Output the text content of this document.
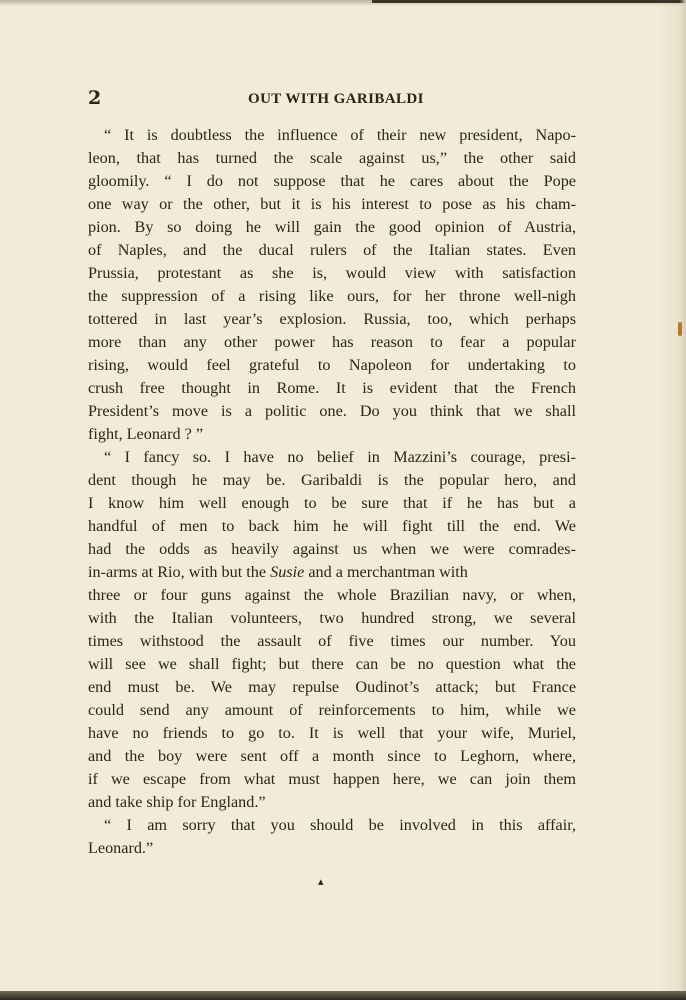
2	OUT WITH GARIBALDI
“ It is doubtless the influence of their new president, Napo-
leon, that has turned the scale against us,” the other said
gloomily. “ I do not suppose that he cares about the Pope
one way or the other, but it is his interest to pose as his cham-
pion. By so doing he will gain the good opinion of Austria,
of Naples, and the ducal rulers of the Italian states. Even
Prussia, protestant as she is, would view with satisfaction
the suppression of a rising like ours, for her throne well-nigh
tottered in last year’s explosion. Russia, too, which perhaps
more than any other power has reason to fear a popular
rising, would feel grateful to Napoleon for undertaking to
crush free thought in Rome. It is evident that the French
President’s move is a politic one. Do you think that we shall
fight, Leonard ? ”
“ I fancy so. I have no belief in Mazzini’s courage, presi-
dent though he may be. Garibaldi is the popular hero, and
I know him well enough to be sure that if he has but a
handful of men to back him he will fight till the end. We
had the odds as heavily against us when we were comrades-
in-arms at Rio, with but the Susie and a merchantman with
three or four guns against the whole Brazilian navy, or when,
with the Italian volunteers, two hundred strong, we several
times withstood the assault of five times our number. You
will see we shall fight; but there can be no question what the
end must be. We may repulse Oudinot’s attack; but France
could send any amount of reinforcements to him, while we
have no friends to go to. It is well that your wife, Muriel,
and the boy were sent off a month since to Leghorn, where,
if we escape from what must happen here, we can join them
and take ship for England.”
“ I am sorry that you should be involved in this affair,
Leonard.”
▴
